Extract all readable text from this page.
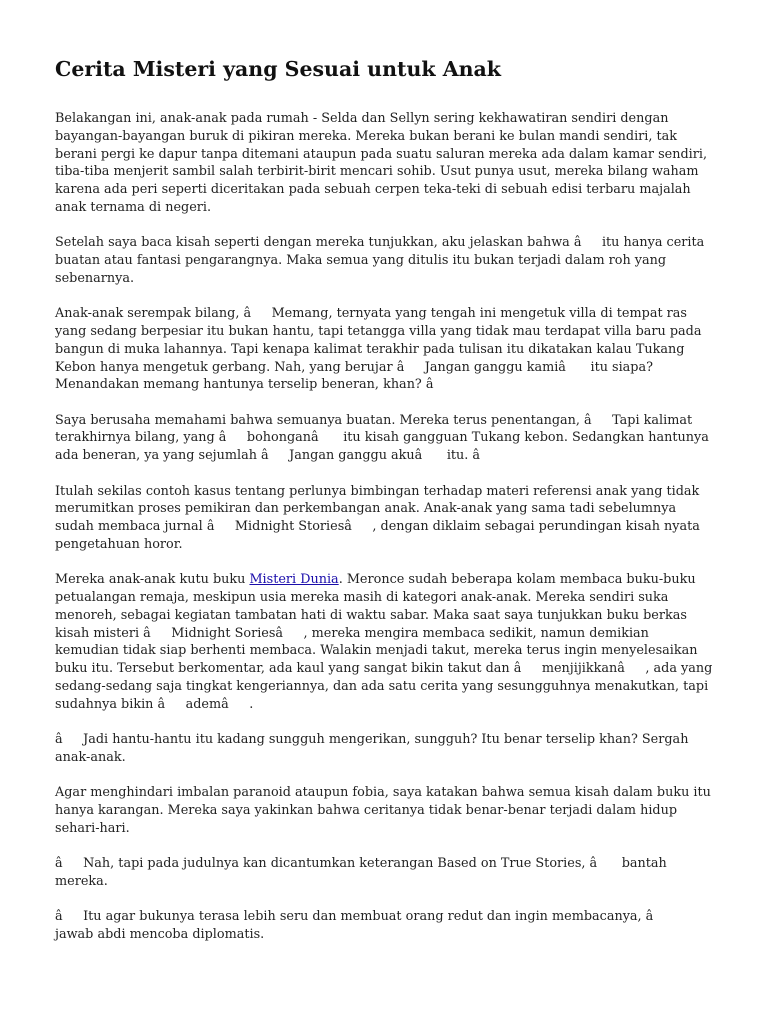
Cerita Misteri yang Sesuai untuk Anak

Belakangan ini, anak-anak pada rumah - Selda dan Sellyn sering kekhawatiran sendiri dengan bayangan-bayangan buruk di pikiran mereka. Mereka bukan berani ke bulan mandi sendiri, tak berani pergi ke dapur tanpa ditemani ataupun pada suatu saluran mereka ada dalam kamar sendiri, tiba-tiba menjerit sambil salah terbirit-birit mencari sohib. Usut punya usut, mereka bilang waham karena ada peri seperti diceritakan pada sebuah cerpen teka-teki di sebuah edisi terbaru majalah anak ternama di negeri.

Setelah saya baca kisah seperti dengan mereka tunjukkan, aku jelaskan bahwa âitu hanya cerita buatan atau fantasi pengarangnya. Maka semua yang ditulis itu bukan terjadi dalam roh yang sebenarnya.

Anak-anak serempak bilang, âMemang, ternyata yang tengah ini mengetuk villa di tempat ras yang sedang berpesiar itu bukan hantu, tapi tetangga villa yang tidak mau terdapat villa baru pada bangun di muka lahannya. Tapi kenapa kalimat terakhir pada tulisan itu dikatakan kalau Tukang Kebon hanya mengetuk gerbang. Nah, yang berujar âJangan ganggu kamiâ itu siapa? Menandakan memang hantunya terselip beneran, khan? â

Saya berusaha memahami bahwa semuanya buatan. Mereka terus penentangan, âTapi kalimat terakhirnya bilang, yang âbohonganâ itu kisah gangguan Tukang kebon. Sedangkan hantunya ada beneran, ya yang sejumlah âJangan ganggu akuâ itu. â

Itulah sekilas contoh kasus tentang perlunya bimbingan terhadap materi referensi anak yang tidak merumitkan proses pemikiran dan perkembangan anak. Anak-anak yang sama tadi sebelumnya sudah membaca jurnal âMidnight Storiesâ, dengan diklaim sebagai perundingan kisah nyata pengetahuan horor.

Mereka anak-anak kutu buku Misteri Dunia. Meronce sudah beberapa kolam membaca buku-buku petualangan remaja, meskipun usia mereka masih di kategori anak-anak. Mereka sendiri suka menoreh, sebagai kegiatan tambatan hati di waktu sabar. Maka saat saya tunjukkan buku berkas kisah misteri âMidnight Soriesâ, mereka mengira membaca sedikit, namun demikian kemudian tidak siap berhenti membaca. Walakin menjadi takut, mereka terus ingin menyelesaikan buku itu. Tersebut berkomentar, ada kaul yang sangat bikin takut dan âmenjijikkanâ, ada yang sedang-sedang saja tingkat kengeriannya, dan ada satu cerita yang sesungguhnya menakutkan, tapi sudahnya bikin âademâ.

âJadi hantu-hantu itu kadang sungguh mengerikan, sungguh? Itu benar terselip khan? Sergah anak-anak.

Agar menghindari imbalan paranoid ataupun fobia, saya katakan bahwa semua kisah dalam buku itu hanya karangan. Mereka saya yakinkan bahwa ceritanya tidak benar-benar terjadi dalam hidup sehari-hari.

âNah, tapi pada judulnya kan dicantumkan keterangan Based on True Stories, â bantah mereka.

âItu agar bukunya terasa lebih seru dan membuat orang redut dan ingin membacanya, â jawab abdi mencoba diplomatis.
